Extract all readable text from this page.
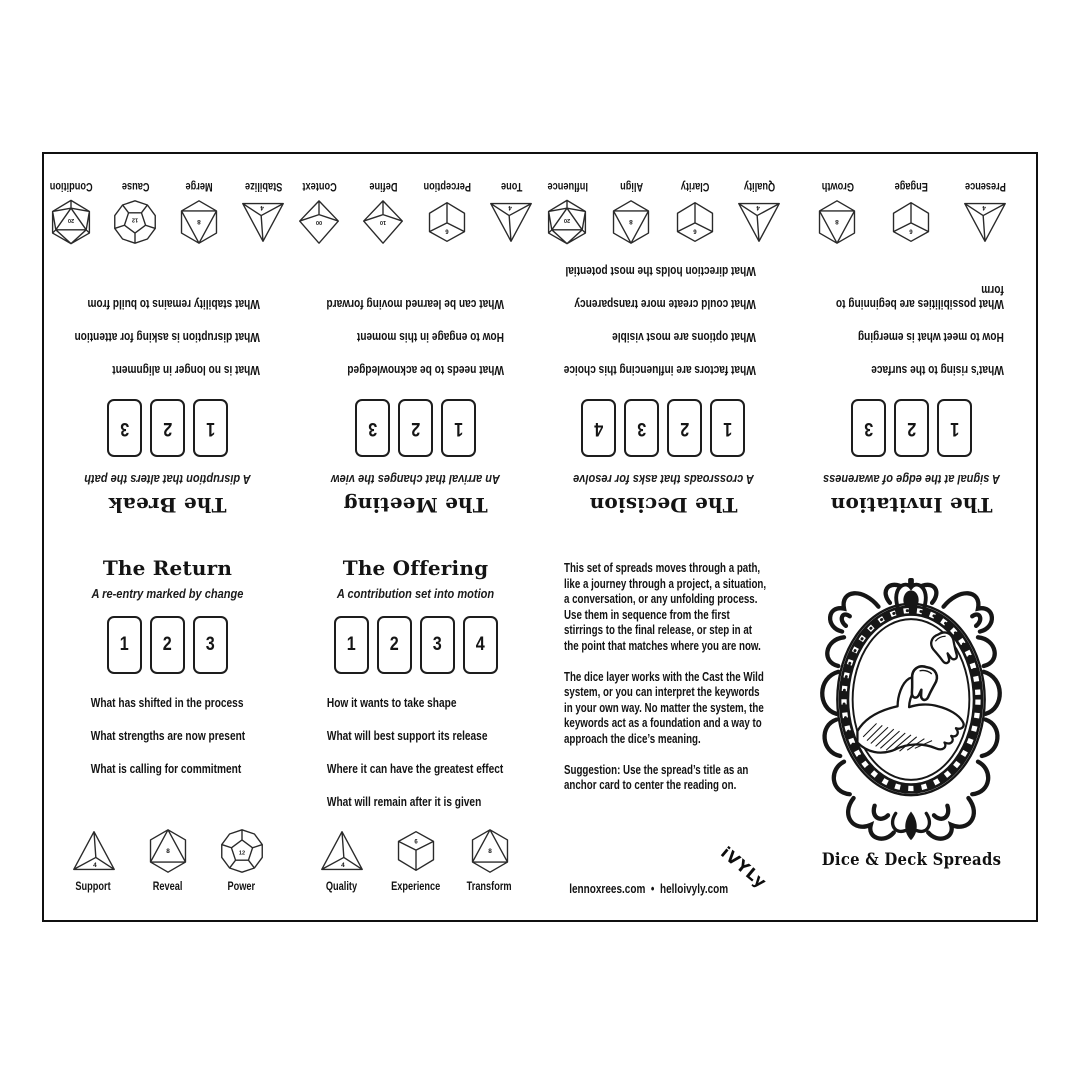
The Break

A disruption that alters the path

1
2
3
What is no longer in alignment
What disruption is asking for attention
What stability remains to build from
4
Stabilize
8
Merge
12
Cause
20
Condition
The Meeting

An arrival that changes the view

1
2
3
What needs to be acknowledged
How to engage in this moment
What can be learned moving forward
4
Tone
6
Perception
10
Define
00
Context
The Decision

A crossroads that asks for resolve

1
2
3
4
What factors are influencing this choice
What options are most visible
What could create more transparency
What direction holds the most potential
4
Quality
6
Clarity
8
Align
20
Influence
The Invitation

A signal at the edge of awareness

1
2
3
What’s rising to the surface
How to meet what is emerging
What possibilities are beginning to form
4
Presence
6
Engage
8
Growth
The Return

A re-entry marked by change

1 2 3
What has shifted in the process
What strengths are now present
What is calling for commitment
4
Support
8
Reveal
12
Power
The Offering

A contribution set into motion

1 2 3 4
How it wants to take shape
What will best support its release
Where it can have the greatest effect
What will remain after it is given
4
Quality
6
Experience
8
Transform

This set of spreads moves through a path, like a journey through a project, a situation, a conversation, or any unfolding process. Use them in sequence from the first stirrings to the final release, or step in at the point that matches where you are now.

The dice layer works with the Cast the Wild system, or you can interpret the keywords in your own way. No matter the system, the keywords act as a foundation and a way to approach the dice’s meaning.

Suggestion: Use the spread’s title as an anchor card to center the reading on.

lennoxrees.com • helloivyly.com
iVYLy	Dice & Deck Spreads
